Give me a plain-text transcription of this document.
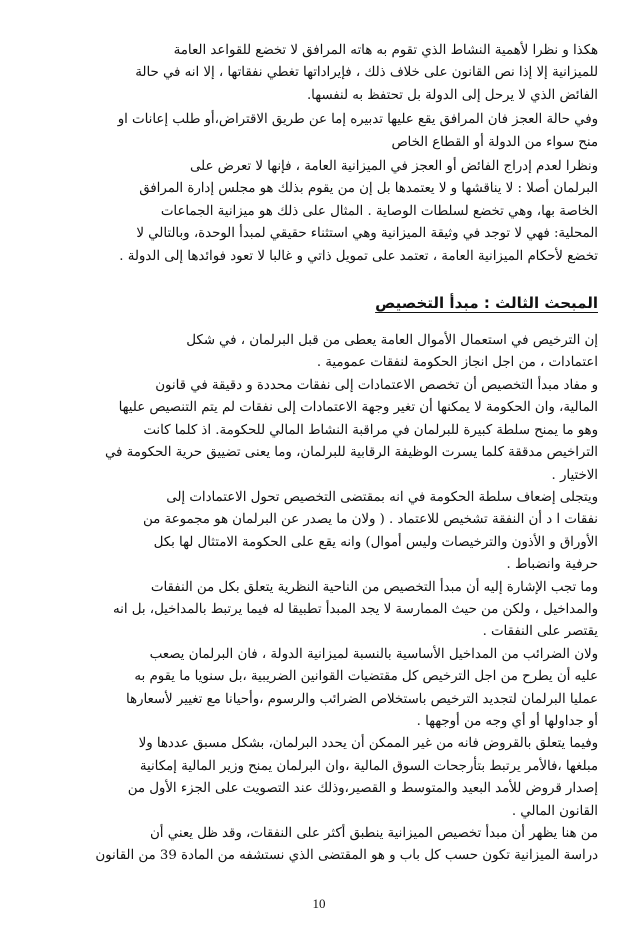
هكذا و نظرا لأهمية النشاط الذي تقوم به هاته المرافق لا تخضع للقواعد العامة
للميزانية إلا إذا نص القانون على خلاف ذلك ، فإيراداتها تغطي نفقاتها ، إلا انه في حالة
الفائض الذي لا يرحل إلى الدولة بل تحتفظ به لنفسها.
وفي حالة العجز فان المرافق يقع عليها تدبيره إما عن طريق الاقتراض،أو طلب إعانات او
منح سواء من الدولة أو القطاع الخاص
ونظرا لعدم إدراج الفائض أو العجز في الميزانية العامة ، فإنها لا تعرض على
البرلمان أصلا : لا يناقشها و لا يعتمدها بل إن من يقوم بذلك هو مجلس إدارة المرافق
الخاصة بها، وهي تخضع لسلطات الوصاية . المثال على ذلك هو ميزانية الجماعات
المحلية: فهي لا توجد في وثيقة الميزانية وهي استثناء حقيقي لمبدأ الوحدة، وبالتالي لا
تخضع لأحكام الميزانية العامة ، تعتمد على تمويل ذاتي و غالبا لا تعود فوائدها إلى الدولة .
المبحث الثالث : مبدأ التخصيص
إن الترخيص في استعمال الأموال العامة يعطى من قبل البرلمان ، في شكل
اعتمادات ، من اجل انجاز الحكومة لنفقات عمومية .
و مفاد مبدأ التخصيص أن تخصص الاعتمادات إلى نفقات محددة و دقيقة في قانون
المالية، وان الحكومة لا يمكنها أن تغير وجهة الاعتمادات إلى نفقات لم يتم التنصيص عليها
وهو ما يمنح سلطة كبيرة للبرلمان في مراقبة النشاط المالي للحكومة. اذ كلما كانت
التراخيص مدققة كلما يسرت الوظيفة الرقابية للبرلمان، وما يعنى تضييق حرية الحكومة في
الاختيار .
ويتجلى إضعاف سلطة الحكومة في انه بمقتضى التخصيص تحول الاعتمادات إلى
نفقات ا د أن النفقة تشخيص للاعتماد . ( ولان ما يصدر عن البرلمان هو مجموعة من
الأوراق و الأذون والترخيصات وليس أموال) وانه يقع على الحكومة الامتثال لها بكل
حرفية وانضباط .
وما تجب الإشارة إليه أن مبدأ التخصيص من الناحية النظرية يتعلق بكل من النفقات
والمداخيل ، ولكن من حيث الممارسة لا يجد المبدأ تطبيقا له فيما يرتبط بالمداخيل، بل انه
يقتصر على النفقات .
ولان الضرائب من المداخيل الأساسية بالنسبة لميزانية الدولة ، فان البرلمان يصعب
عليه أن يطرح من اجل الترخيص كل مقتضيات القوانين الضريبية ،بل سنويا ما يقوم به
عمليا البرلمان لتجديد الترخيص باستخلاص الضرائب والرسوم ،وأحيانا مع تغيير لأسعارها
أو جداولها أو أي وجه من أوجهها .
وفيما يتعلق بالقروض فانه من غير الممكن أن يحدد البرلمان، بشكل مسبق عددها ولا
مبلغها ،فالأمر يرتبط بتأرجحات السوق المالية ،وان البرلمان يمنح وزير المالية إمكانية
إصدار قروض للأمد البعيد والمتوسط و القصير،وذلك عند التصويت على الجزء الأول من
القانون المالي .
من هنا يظهر أن مبدأ تخصيص الميزانية ينطبق أكثر على النفقات، وقد ظل يعني أن
دراسة الميزانية تكون حسب كل باب و هو المقتضى الذي نستشفه من المادة 39 من القانون
10
